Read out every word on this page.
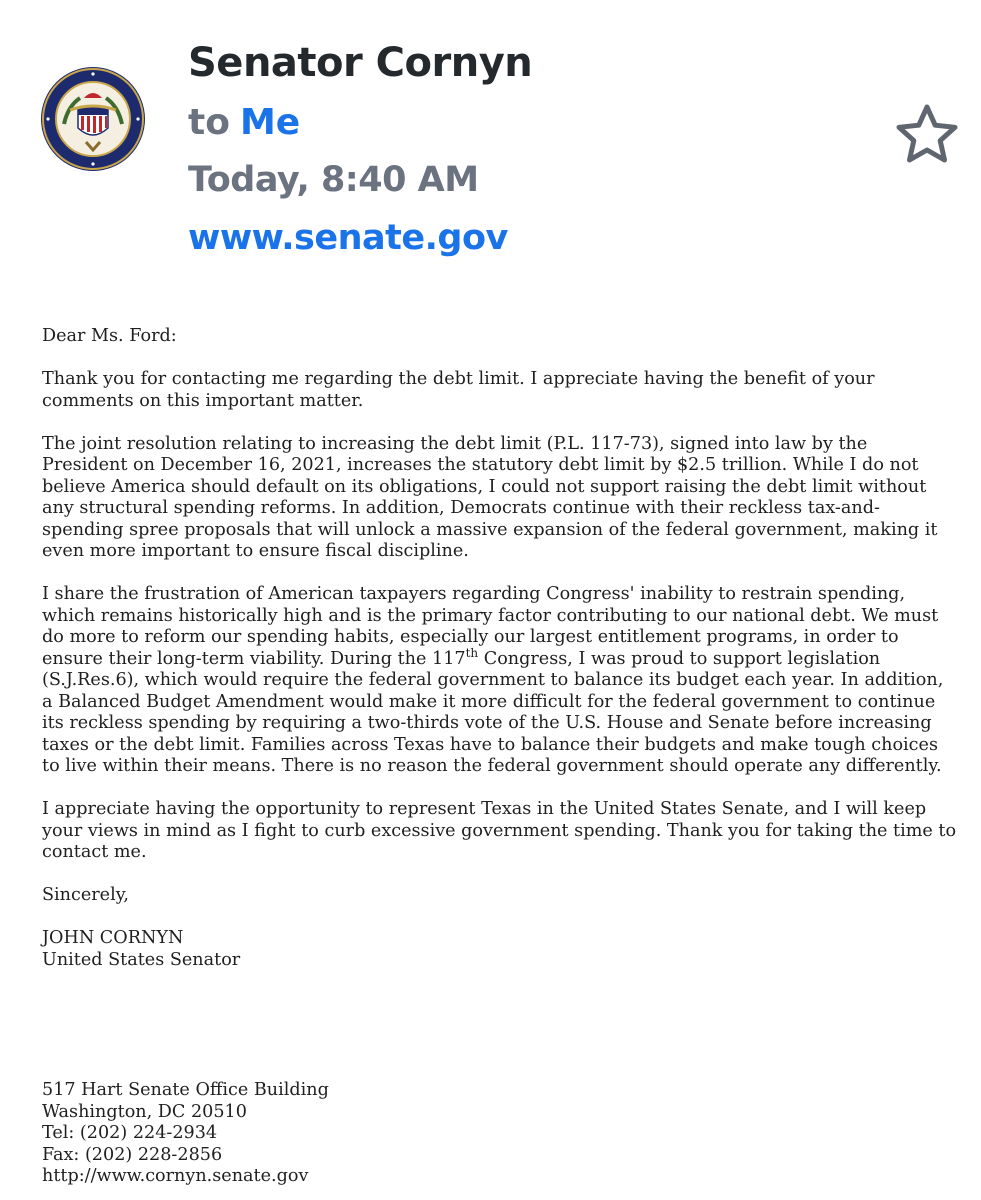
Senator Cornyn
to Me
Today, 8:40 AM
www.senate.gov

Dear Ms. Ford:

Thank you for contacting me regarding the debt limit. I appreciate having the benefit of your comments on this important matter.

The joint resolution relating to increasing the debt limit (P.L. 117-73), signed into law by the President on December 16, 2021, increases the statutory debt limit by $2.5 trillion. While I do not believe America should default on its obligations, I could not support raising the debt limit without any structural spending reforms. In addition, Democrats continue with their reckless tax-and-spending spree proposals that will unlock a massive expansion of the federal government, making it even more important to ensure fiscal discipline.

I share the frustration of American taxpayers regarding Congress' inability to restrain spending, which remains historically high and is the primary factor contributing to our national debt. We must do more to reform our spending habits, especially our largest entitlement programs, in order to ensure their long-term viability. During the 117th Congress, I was proud to support legislation (S.J.Res.6), which would require the federal government to balance its budget each year. In addition, a Balanced Budget Amendment would make it more difficult for the federal government to continue its reckless spending by requiring a two-thirds vote of the U.S. House and Senate before increasing taxes or the debt limit. Families across Texas have to balance their budgets and make tough choices to live within their means. There is no reason the federal government should operate any differently.

I appreciate having the opportunity to represent Texas in the United States Senate, and I will keep your views in mind as I fight to curb excessive government spending. Thank you for taking the time to contact me.

Sincerely,

JOHN CORNYN
United States Senator

517 Hart Senate Office Building
Washington, DC 20510
Tel: (202) 224-2934
Fax: (202) 228-2856
http://www.cornyn.senate.gov
